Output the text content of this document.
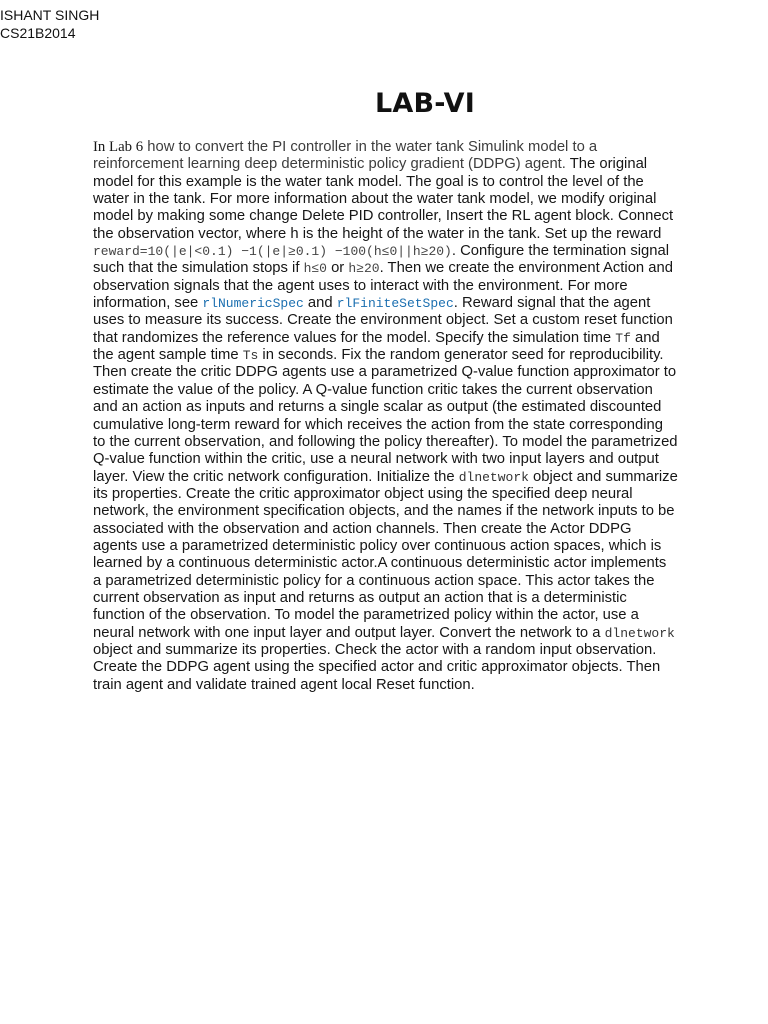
ISHANT SINGH
CS21B2014
LAB-VI

In Lab 6 how to convert the PI controller in the water tank Simulink model to a reinforcement learning deep deterministic policy gradient (DDPG) agent. The original model for this example is the water tank model. The goal is to control the level of the water in the tank. For more information about the water tank model, we modify original model by making some change Delete PID controller, Insert the RL agent block. Connect the observation vector, where h is the height of the water in the tank. Set up the reward reward=10(|e|<0.1) −1(|e|≥0.1) −100(h≤0||h≥20). Configure the termination signal such that the simulation stops if h≤0 or h≥20. Then we create the environment Action and observation signals that the agent uses to interact with the environment. For more information, see rlNumericSpec and rlFiniteSetSpec. Reward signal that the agent uses to measure its success. Create the environment object. Set a custom reset function that randomizes the reference values for the model. Specify the simulation time Tf and the agent sample time Ts in seconds. Fix the random generator seed for reproducibility. Then create the critic DDPG agents use a parametrized Q-value function approximator to estimate the value of the policy. A Q-value function critic takes the current observation and an action as inputs and returns a single scalar as output (the estimated discounted cumulative long-term reward for which receives the action from the state corresponding to the current observation, and following the policy thereafter). To model the parametrized Q-value function within the critic, use a neural network with two input layers and output layer. View the critic network configuration. Initialize the dlnetwork object and summarize its properties. Create the critic approximator object using the specified deep neural network, the environment specification objects, and the names if the network inputs to be associated with the observation and action channels. Then create the Actor DDPG agents use a parametrized deterministic policy over continuous action spaces, which is learned by a continuous deterministic actor.A continuous deterministic actor implements a parametrized deterministic policy for a continuous action space. This actor takes the current observation as input and returns as output an action that is a deterministic function of the observation. To model the parametrized policy within the actor, use a neural network with one input layer and output layer. Convert the network to a dlnetwork object and summarize its properties. Check the actor with a random input observation. Create the DDPG agent using the specified actor and critic approximator objects. Then train agent and validate trained agent local Reset function.
